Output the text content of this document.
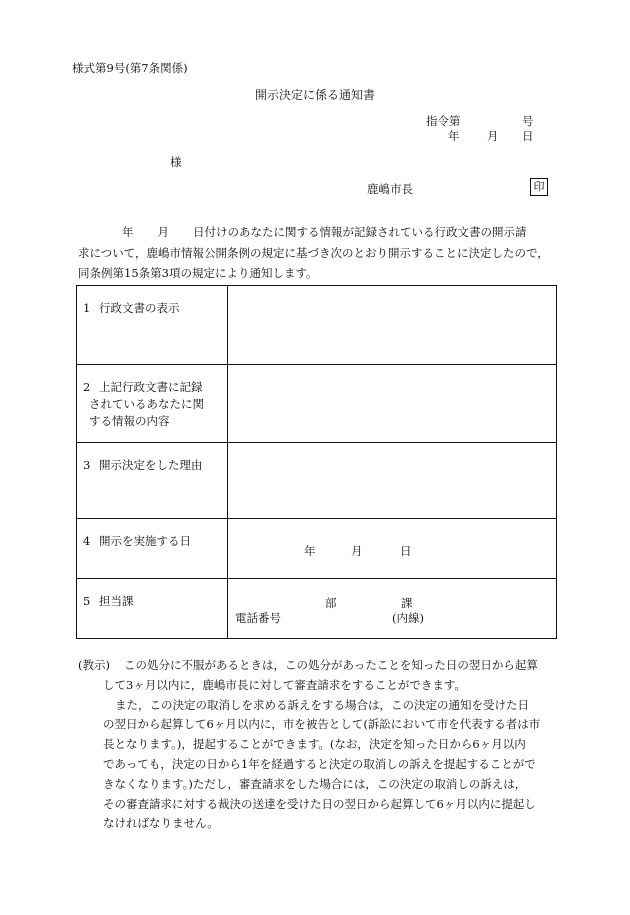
様式第9号(第7条関係)
開示決定に係る通知書
指令第	号
年 月 日
様
鹿嶋市長	印
年 月 日付けのあなたに関する情報が記録されている行政文書の開示請
求について，鹿嶋市情報公開条例の規定に基づき次のとおり開示することに決定したので，
同条例第15条第3項の規定により通知します。
1 行政文書の表示	
2 上記行政文書に記録
されているあなたに関
する情報の内容	

3 開示決定をした理由	
4 開示を実施する日	年 月 日

5 担当課	部 課
電話番号 (内線)
(教示) この処分に不服があるときは，この処分があったことを知った日の翌日から起算
して3ヶ月以内に，鹿嶋市長に対して審査請求をすることができます。
また，この決定の取消しを求める訴えをする場合は，この決定の通知を受けた日
の翌日から起算して6ヶ月以内に，市を被告として(訴訟において市を代表する者は市
長となります。)，提起することができます。(なお，決定を知った日から6ヶ月以内
であっても，決定の日から1年を経過すると決定の取消しの訴えを提起することがで
きなくなります。)ただし，審査請求をした場合には，この決定の取消しの訴えは，
その審査請求に対する裁決の送達を受けた日の翌日から起算して6ヶ月以内に提起し
なければなりません。
